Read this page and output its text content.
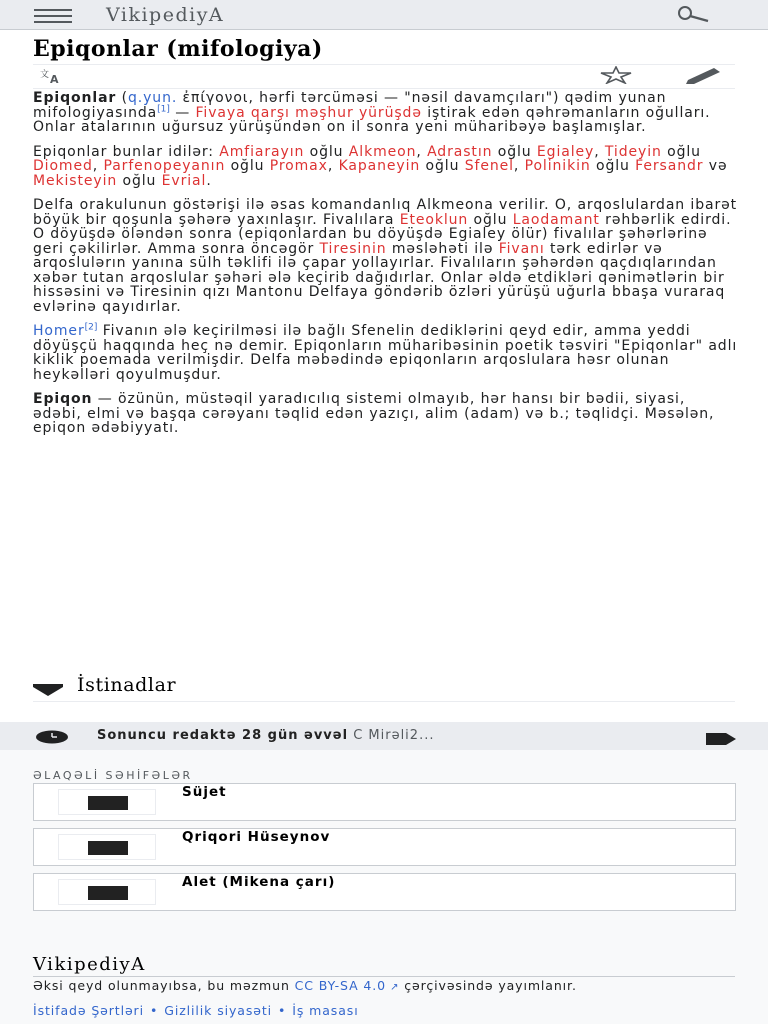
VikipediyA
Epiqonlar (mifologiya)
文 A

Epiqonlar (q.yun. ἐπίγονοι, hərfi tərcüməsi — "nəsil davamçıları") qədim yunan mifologiyasında[1] — Fivaya qarşı məşhur yürüşdə iştirak edən qəhrəmanların oğulları. Onlar atalarının uğursuz yürüşündən on il sonra yeni müharibəyə başlamışlar.

Epiqonlar bunlar idilər: Amfiarayın oğlu Alkmeon, Adrastın oğlu Egialey, Tideyin oğlu Diomed, Parfenopeyanın oğlu Promax, Kapaneyin oğlu Sfenel, Polinikin oğlu Fersandr və Mekisteyin oğlu Evrial.

Delfa orakulunun göstərişi ilə əsas komandanlıq Alkmeona verilir. O, arqoslulardan ibarət böyük bir qoşunla şəhərə yaxınlaşır. Fivalılara Eteoklun oğlu Laodamant rəhbərlik edirdi. O döyüşdə öləndən sonra (epiqonlardan bu döyüşdə Egialey ölür) fivalılar şəhərlərinə geri çəkilirlər. Amma sonra öncəgör Tiresinin məsləhəti ilə Fivanı tərk edirlər və arqoslulərın yanına sülh təklifi ilə çapar yollayırlar. Fivalıların şəhərdən qaçdıqlarından xəbər tutan arqoslular şəhəri ələ keçirib dağıdırlar. Onlar əldə etdikləri qənimətlərin bir hissəsini və Tiresinin qızı Mantonu Delfaya göndərib özləri yürüşü uğurla bbaşa vuraraq evlərinə qayıdırlar.

Homer[2] Fivanın ələ keçirilməsi ilə bağlı Sfenelin dediklərini qeyd edir, amma yeddi döyüşçü haqqında heç nə demir. Epiqonların müharibəsinin poetik təsviri "Epiqonlar" adlı kiklik poemada verilmişdir. Delfa məbədində epiqonların arqoslulara həsr olunan heykəlləri qoyulmuşdur.

Epiqon — özünün, müstəqil yaradıcılıq sistemi olmayıb, hər hansı bir bədii, siyasi, ədəbi, elmi və başqa cərəyanı təqlid edən yazıçı, alim (adam) və b.; təqlidçi. Məsələn, epiqon ədəbiyyatı.

İstinadlar
Sonuncu redaktə 28 gün əvvəl C Mirəli2...
ƏLAQƏLİ SƏHİFƏLƏR
Süjet
Qriqori Hüseynov
Alet (Mikena çarı)
VikipediyA
Əksi qeyd olunmayıbsa, bu məzmun CC BY-SA 4.0 ↗ çərçivəsində yayımlanır.
İstifadə Şərtləri • Gizlilik siyasəti • İş masası
